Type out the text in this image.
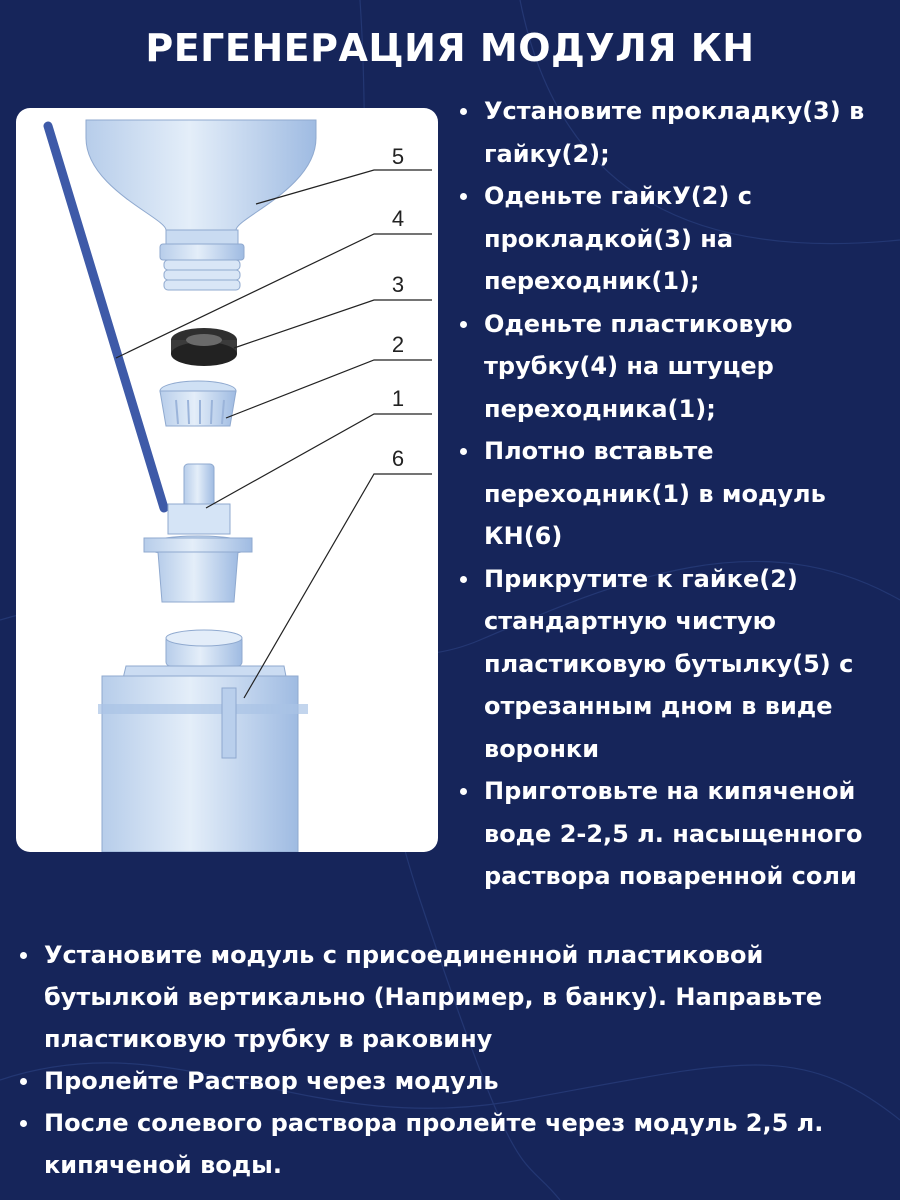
РЕГЕНЕРАЦИЯ МОДУЛЯ КН
5
4
3
2
1
6
Установите прокладку(3) в гайку(2);
Оденьте гайкУ(2) с прокладкой(3) на переходник(1);
Оденьте пластиковую трубку(4) на штуцер переходника(1);
Плотно вставьте переходник(1) в модуль КН(6)
Прикрутите к гайке(2) стандартную чистую пластиковую бутылку(5) с отрезанным дном в виде воронки
Приготовьте на кипяченой воде 2-2,5 л. насыщенного раствора поваренной соли
Установите модуль с присоединенной пластиковой бутылкой вертикально (Например, в банку). Направьте пластиковую трубку в раковину
Пролейте Раствор через модуль
После солевого раствора пролейте через модуль 2,5 л. кипяченой воды.
